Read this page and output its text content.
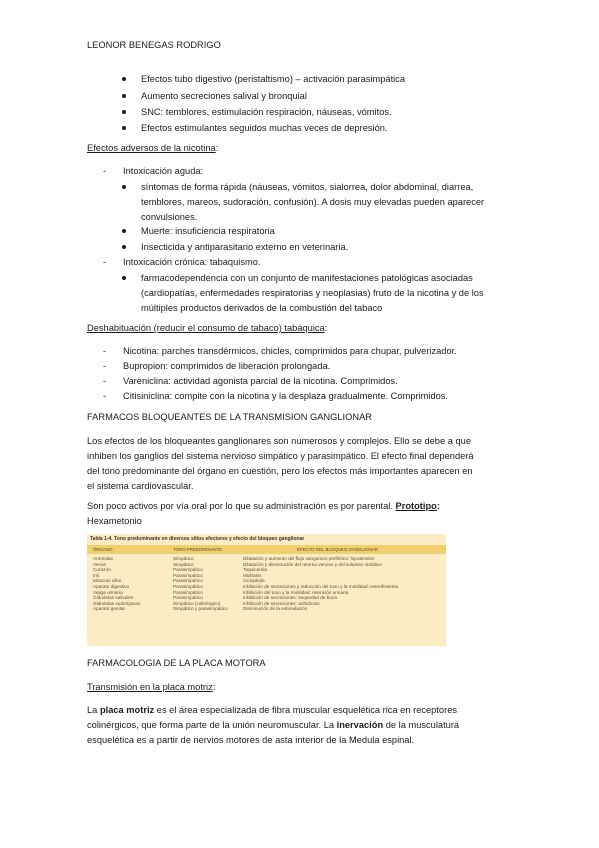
LEONOR BENEGAS RODRIGO
Efectos tubo digestivo (peristaltismo) – activación parasimpática
Aumento secreciones salival y bronquial
SNC: temblores, estimulación respiración, náuseas, vómitos.
Efectos estimulantes seguidos muchas veces de depresión.
Efectos adversos de la nicotina:
- Intoxicación aguda:
síntomas de forma rápida (náuseas, vómitos, sialorrea, dolor abdominal, diarrea,
temblores, mareos, sudoración, confusión). A dosis muy elevadas pueden aparecer
convulsiones.
Muerte: insuficiencia respiratoria
Insecticida y antiparasitario externo en veterinaria.
- Intoxicación crónica: tabaquismo.
farmacodependencia con un conjunto de manifestaciones patológicas asociadas
(cardiopatías, enfermedades respiratorias y neoplasias) fruto de la nicotina y de los
múltiples productos derivados de la combustión del tabaco
Deshabituación (reducir el consumo de tabaco) tabáquica:
- Nicotina: parches transdérmicos, chicles, comprimidos para chupar, pulverizador.
- Bupropion: comprimidos de liberación prolongada.
- Vareniclina: actividad agonista parcial de la nicotina. Comprimidos.
- Citisiniclina: compite con la nicotina y la desplaza gradualmente. Comprimidos.
FARMACOS BLOQUEANTES DE LA TRANSMISION GANGLIONAR
Los efectos de los bloqueantes ganglionares son numerosos y complejos. Ello se debe a que
inhiben los ganglios del sistema nervioso simpático y parasimpático. El efecto final dependerá
del tono predominante del órgano en cuestión, pero los efectos más importantes aparecen en
el sistema cardiovascular.
Son poco activos por vía oral por lo que su administración es por parental. Prototipo:
Hexametonio
Tabla 1-4. Tono predominante en diversos sitios efectores y efecto del bloqueo ganglionar
ÓRGANO	TONO PREDOMINANTE	EFECTO DEL BLOQUEO GANGLIONAR
Arteriolas
Venas
Corazón
Iris
Músculo ciliar
Aparato digestivo
Vejiga urinaria
Glándulas salivales
Glándulas sudoríparas
Aparato genital
Simpático
Simpático
Parasimpático
Parasimpático
Parasimpático
Parasimpático
Parasimpático
Parasimpático
Simpático (colinérgico)
Simpático y parasimpático
Dilatación y aumento del flujo sanguíneo periférico: hipotensión
Dilatación y disminución del retorno venoso y del volumen sistólico
Taquicardia
Midriasis
Cicloplejía
Inhibición de secreciones y reducción del tono y la motilidad: estreñimiento
Inhibición del tono y la motilidad: retención urinaria
Inhibición de secreciones: sequedad de boca
Inhibición de secreciones: anhidrosis
Disminución de la estimulación
FARMACOLOGIA DE LA PLACA MOTORA
Transmisión en la placa motriz:
La placa motriz es el área especializada de fibra muscular esquelética rica en receptores
colinérgicos, que forma parte de la unión neuromuscular. La inervación de la musculatura
esquelética es a partir de nervios motores de asta interior de la Medula espinal.
